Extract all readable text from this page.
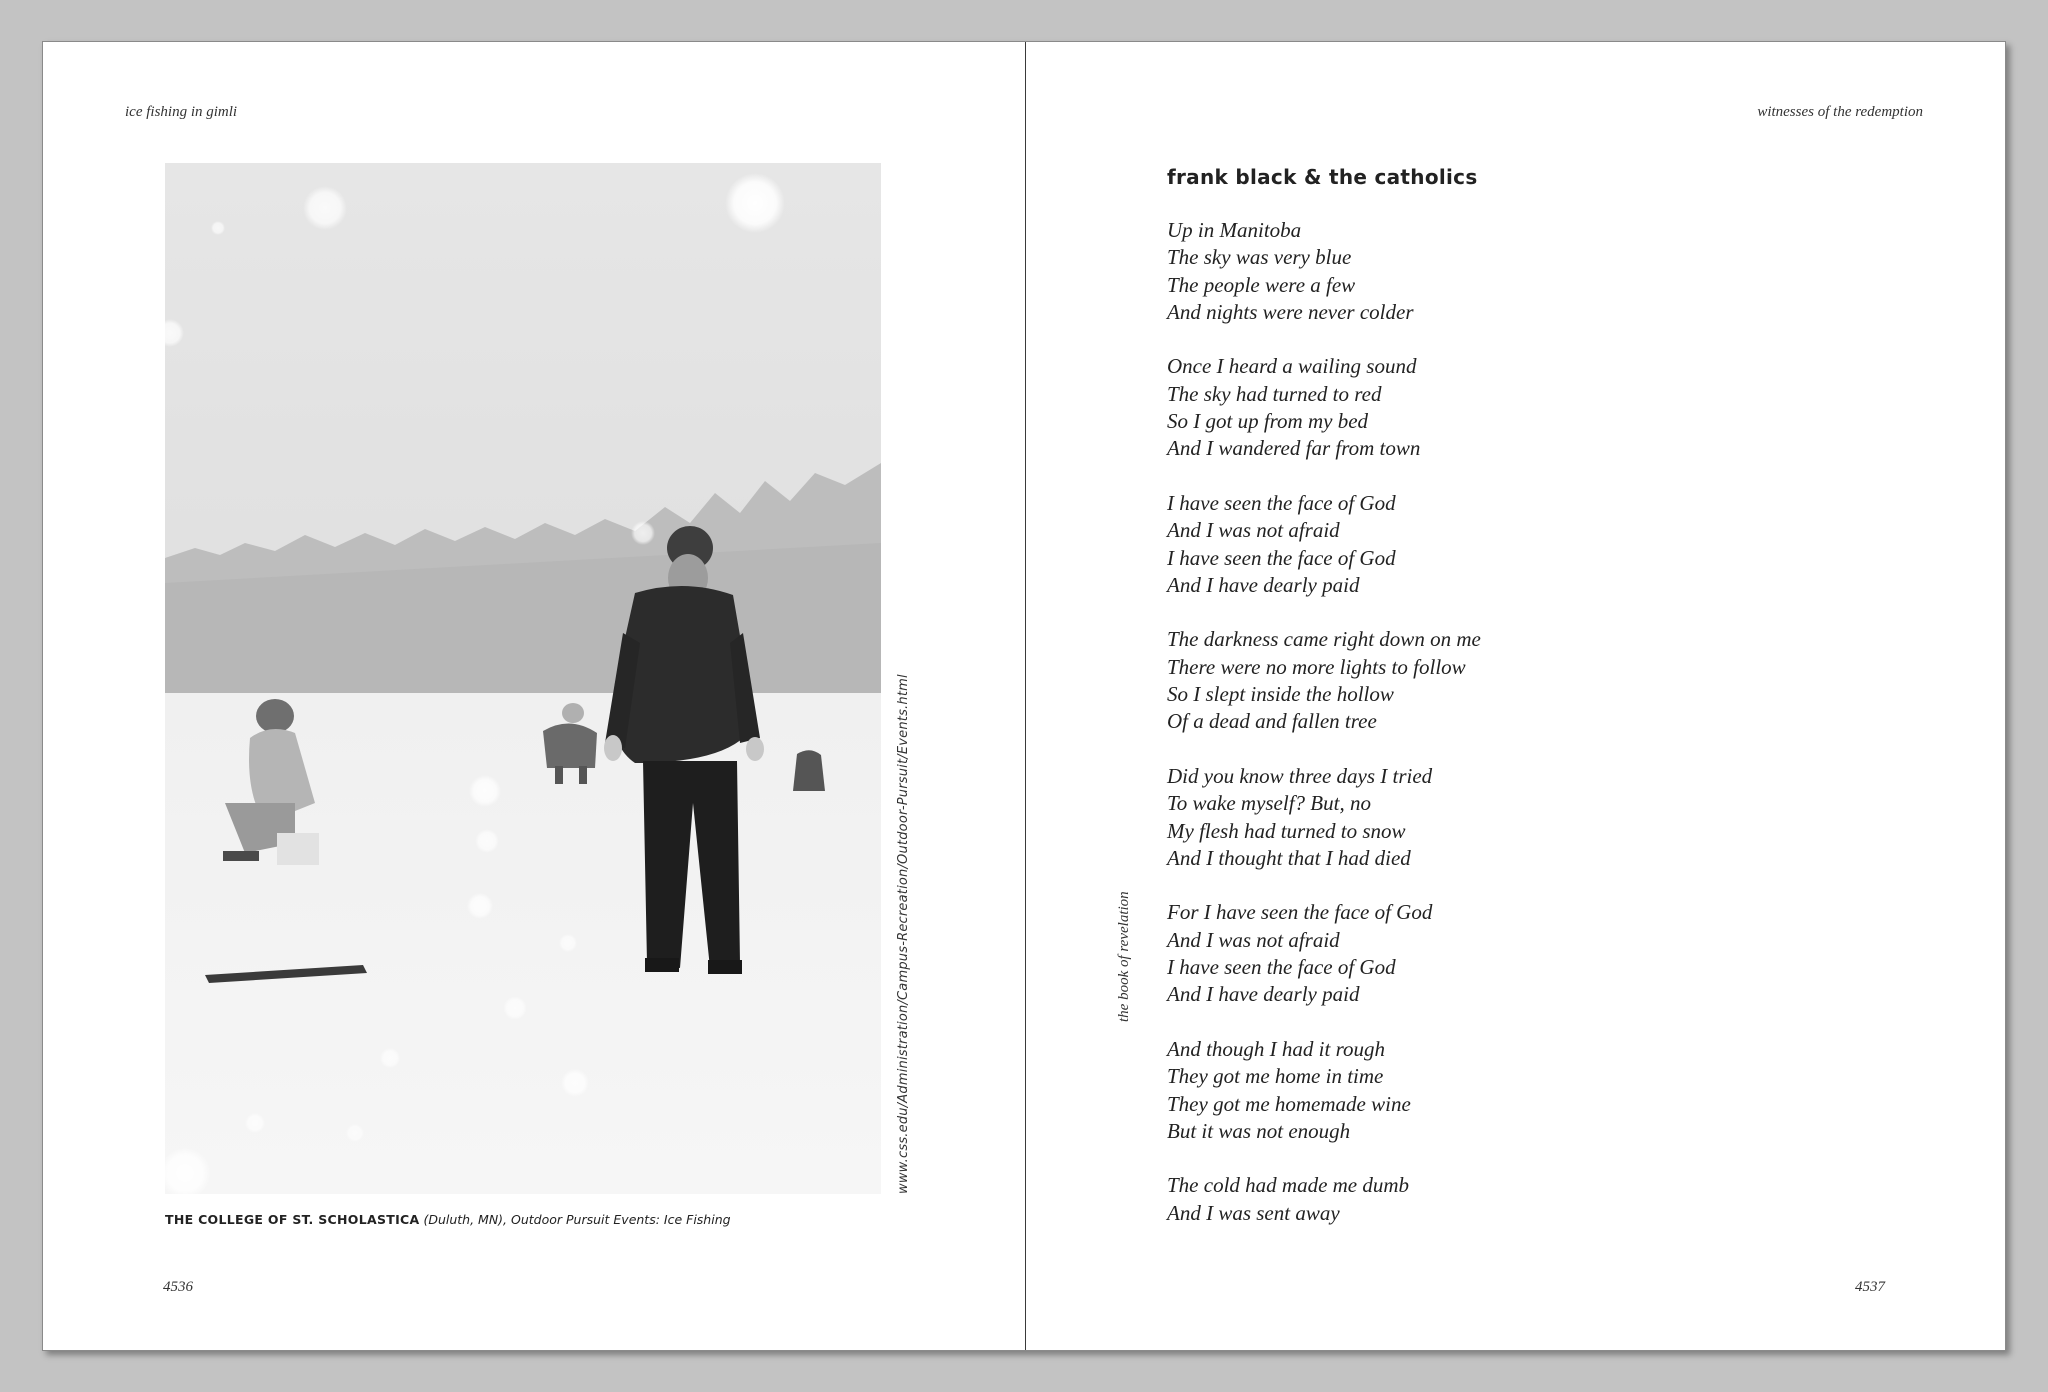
ice fishing in gimli
www.css.edu/Administration/Campus-Recreation/Outdoor-Pursuit/Events.html
THE COLLEGE OF ST. SCHOLASTICA (Duluth, MN), Outdoor Pursuit Events: Ice Fishing
4536
witnesses of the redemption
the book of revelation
frank black & the catholics
Up in Manitoba
The sky was very blue
The people were a few
And nights were never colder
Once I heard a wailing sound
The sky had turned to red
So I got up from my bed
And I wandered far from town
I have seen the face of God
And I was not afraid
I have seen the face of God
And I have dearly paid
The darkness came right down on me
There were no more lights to follow
So I slept inside the hollow
Of a dead and fallen tree
Did you know three days I tried
To wake myself? But, no
My flesh had turned to snow
And I thought that I had died
For I have seen the face of God
And I was not afraid
I have seen the face of God
And I have dearly paid
And though I had it rough
They got me home in time
They got me homemade wine
But it was not enough
The cold had made me dumb
And I was sent away
4537
